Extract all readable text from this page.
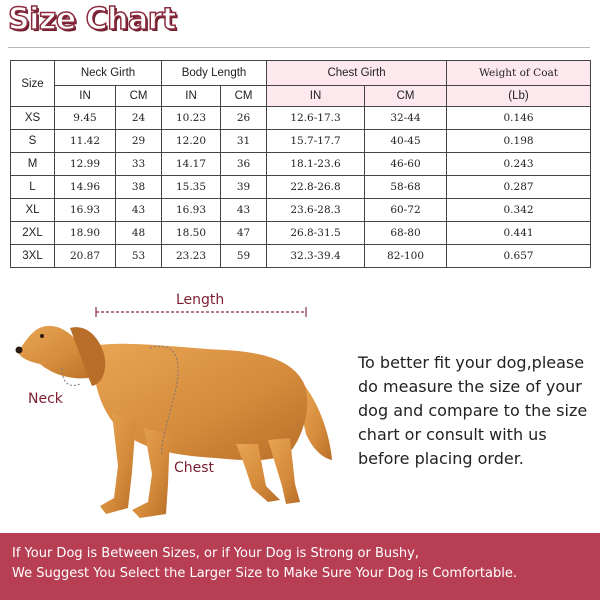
Size Chart
Size	Neck Girth		Body Length		Chest Girth		Weight of Coat
	IN	CM	IN	CM	IN	CM	(Lb)
XS	9.45	24	10.23	26	12.6-17.3	32-44	0.146
S	11.42	29	12.20	31	15.7-17.7	40-45	0.198
M	12.99	33	14.17	36	18.1-23.6	46-60	0.243
L	14.96	38	15.35	39	22.8-26.8	58-68	0.287
XL	16.93	43	16.93	43	23.6-28.3	60-72	0.342
2XL	18.90	48	18.50	47	26.8-31.5	68-80	0.441
3XL	20.87	53	23.23	59	32.3-39.4	82-100	0.657
Length
Neck
Chest
To better fit your dog,please do measure the size of your dog and compare to the size chart or consult with us before placing order.
If Your Dog is Between Sizes, or if Your Dog is Strong or Bushy,
We Suggest You Select the Larger Size to Make Sure Your Dog is Comfortable.
